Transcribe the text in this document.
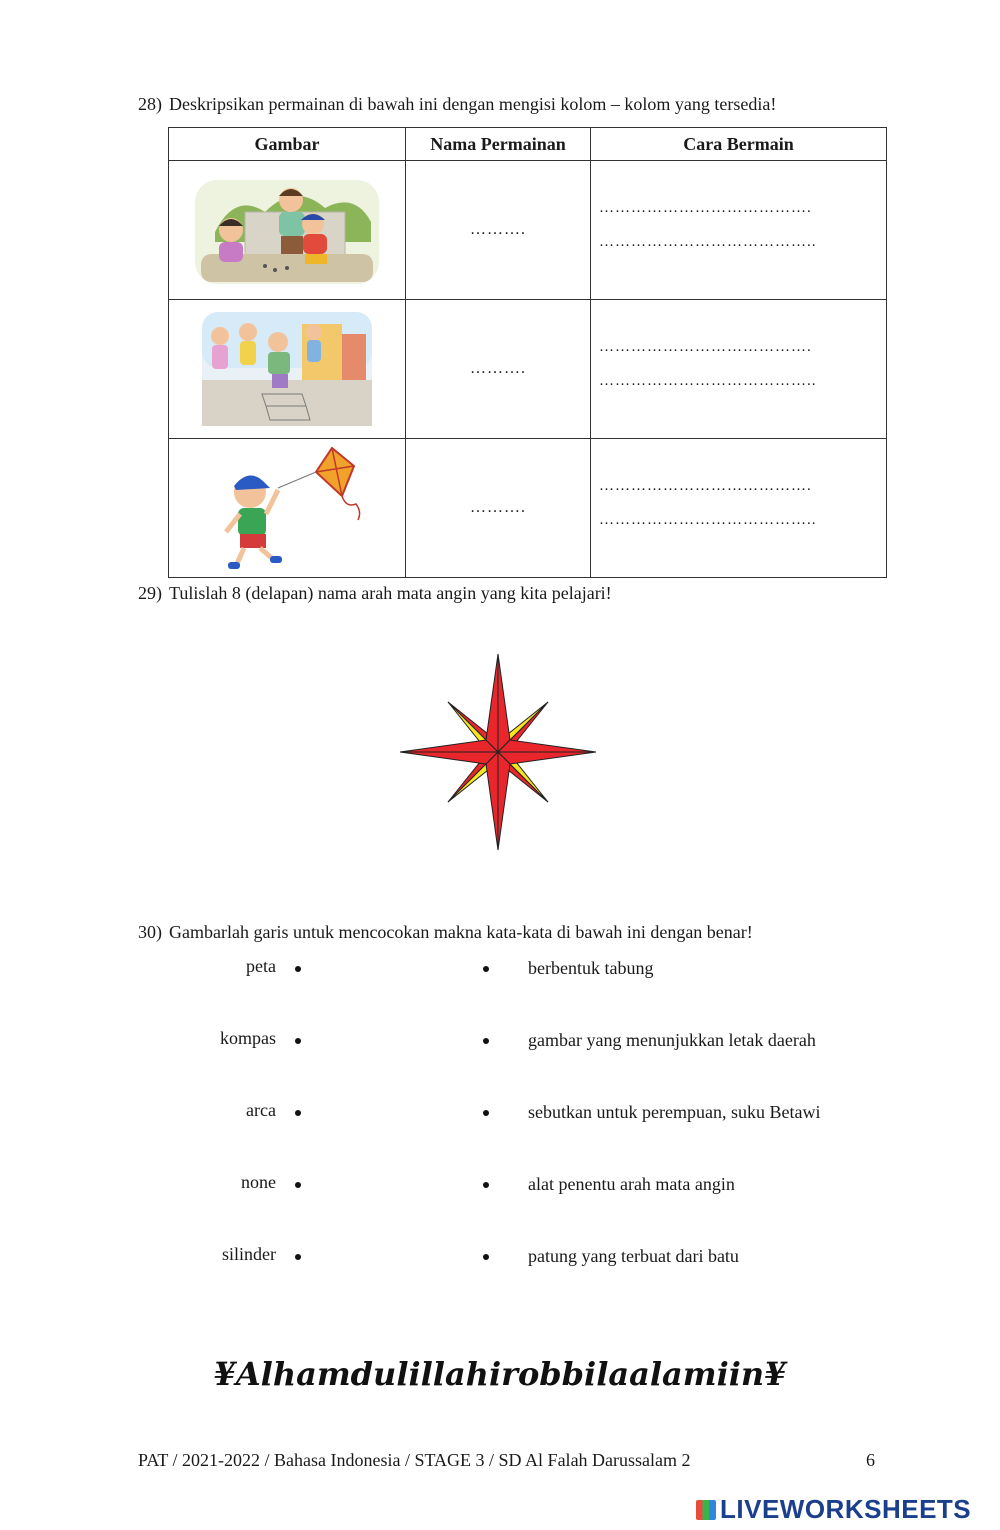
28) Deskripsikan permainan di bawah ini dengan mengisi kolom – kolom yang tersedia!
Gambar	Nama Permainan	Cara Bermain

	……….	………………………………….
…………………………………..

	……….	………………………………….
…………………………………..

	……….	………………………………….
…………………………………..
29) Tulislah 8 (delapan) nama arah mata angin yang kita pelajari!
30) Gambarlah garis untuk mencocokan makna kata-kata di bawah ini dengan benar!
peta	berbentuk tabung
kompas	gambar yang menunjukkan letak daerah
arca	sebutkan untuk perempuan, suku Betawi
none	alat penentu arah mata angin
silinder	patung yang terbuat dari batu
¥Alhamdulillahirobbilaalamiin¥
PAT / 2021-2022 / Bahasa Indonesia / STAGE 3 / SD Al Falah Darussalam 2	6
LIVEWORKSHEETS
